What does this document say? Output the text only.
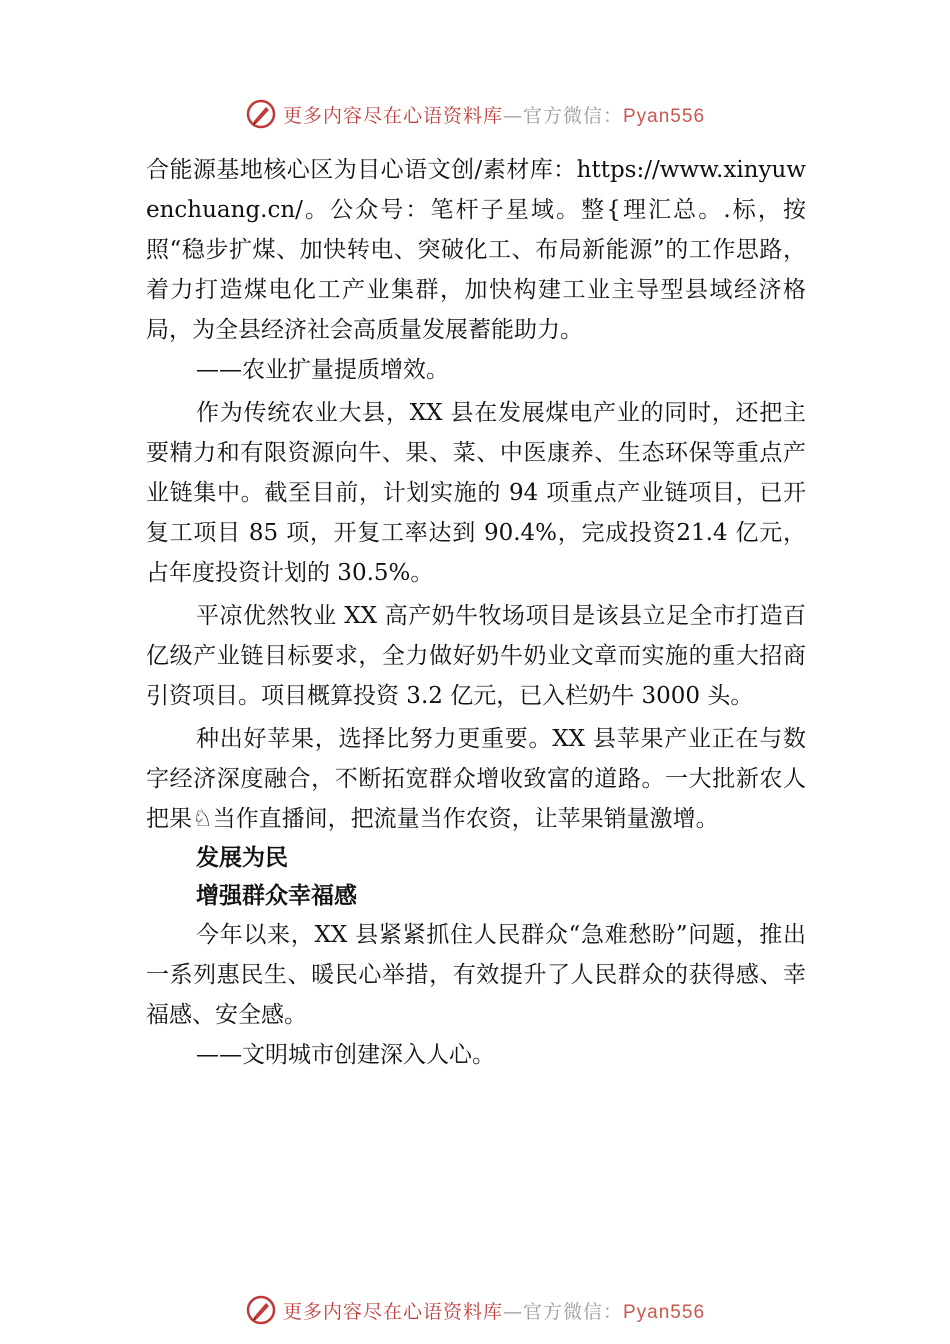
更多内容尽在心语资料库—官方微信：Pyan556

合能源基地核心区为目心语文创/素材库：https://www.xinyuwenchuang.cn/。公众号：笔杆子星域。整{理汇总。.标，按照“稳步扩煤、加快转电、突破化工、布局新能源”的工作思路，着力打造煤电化工产业集群，加快构建工业主导型县域经济格局，为全县经济社会高质量发展蓄能助力。

——农业扩量提质增效。

作为传统农业大县，XX 县在发展煤电产业的同时，还把主要精力和有限资源向牛、果、菜、中医康养、生态环保等重点产业链集中。截至目前，计划实施的 94 项重点产业链项目，已开复工项目 85 项，开复工率达到 90.4%，完成投资21.4 亿元，占年度投资计划的 30.5%。

平凉优然牧业 XX 高产奶牛牧场项目是该县立足全市打造百亿级产业链目标要求，全力做好奶牛奶业文章而实施的重大招商引资项目。项目概算投资 3.2 亿元，已入栏奶牛 3000 头。

种出好苹果，选择比努力更重要。XX 县苹果产业正在与数字经济深度融合，不断拓宽群众增收致富的道路。一大批新农人把果♘当作直播间，把流量当作农资，让苹果销量激增。

发展为民

增强群众幸福感

今年以来，XX 县紧紧抓住人民群众“急难愁盼”问题，推出一系列惠民生、暖民心举措，有效提升了人民群众的获得感、幸福感、安全感。

——文明城市创建深入人心。

更多内容尽在心语资料库—官方微信：Pyan556
